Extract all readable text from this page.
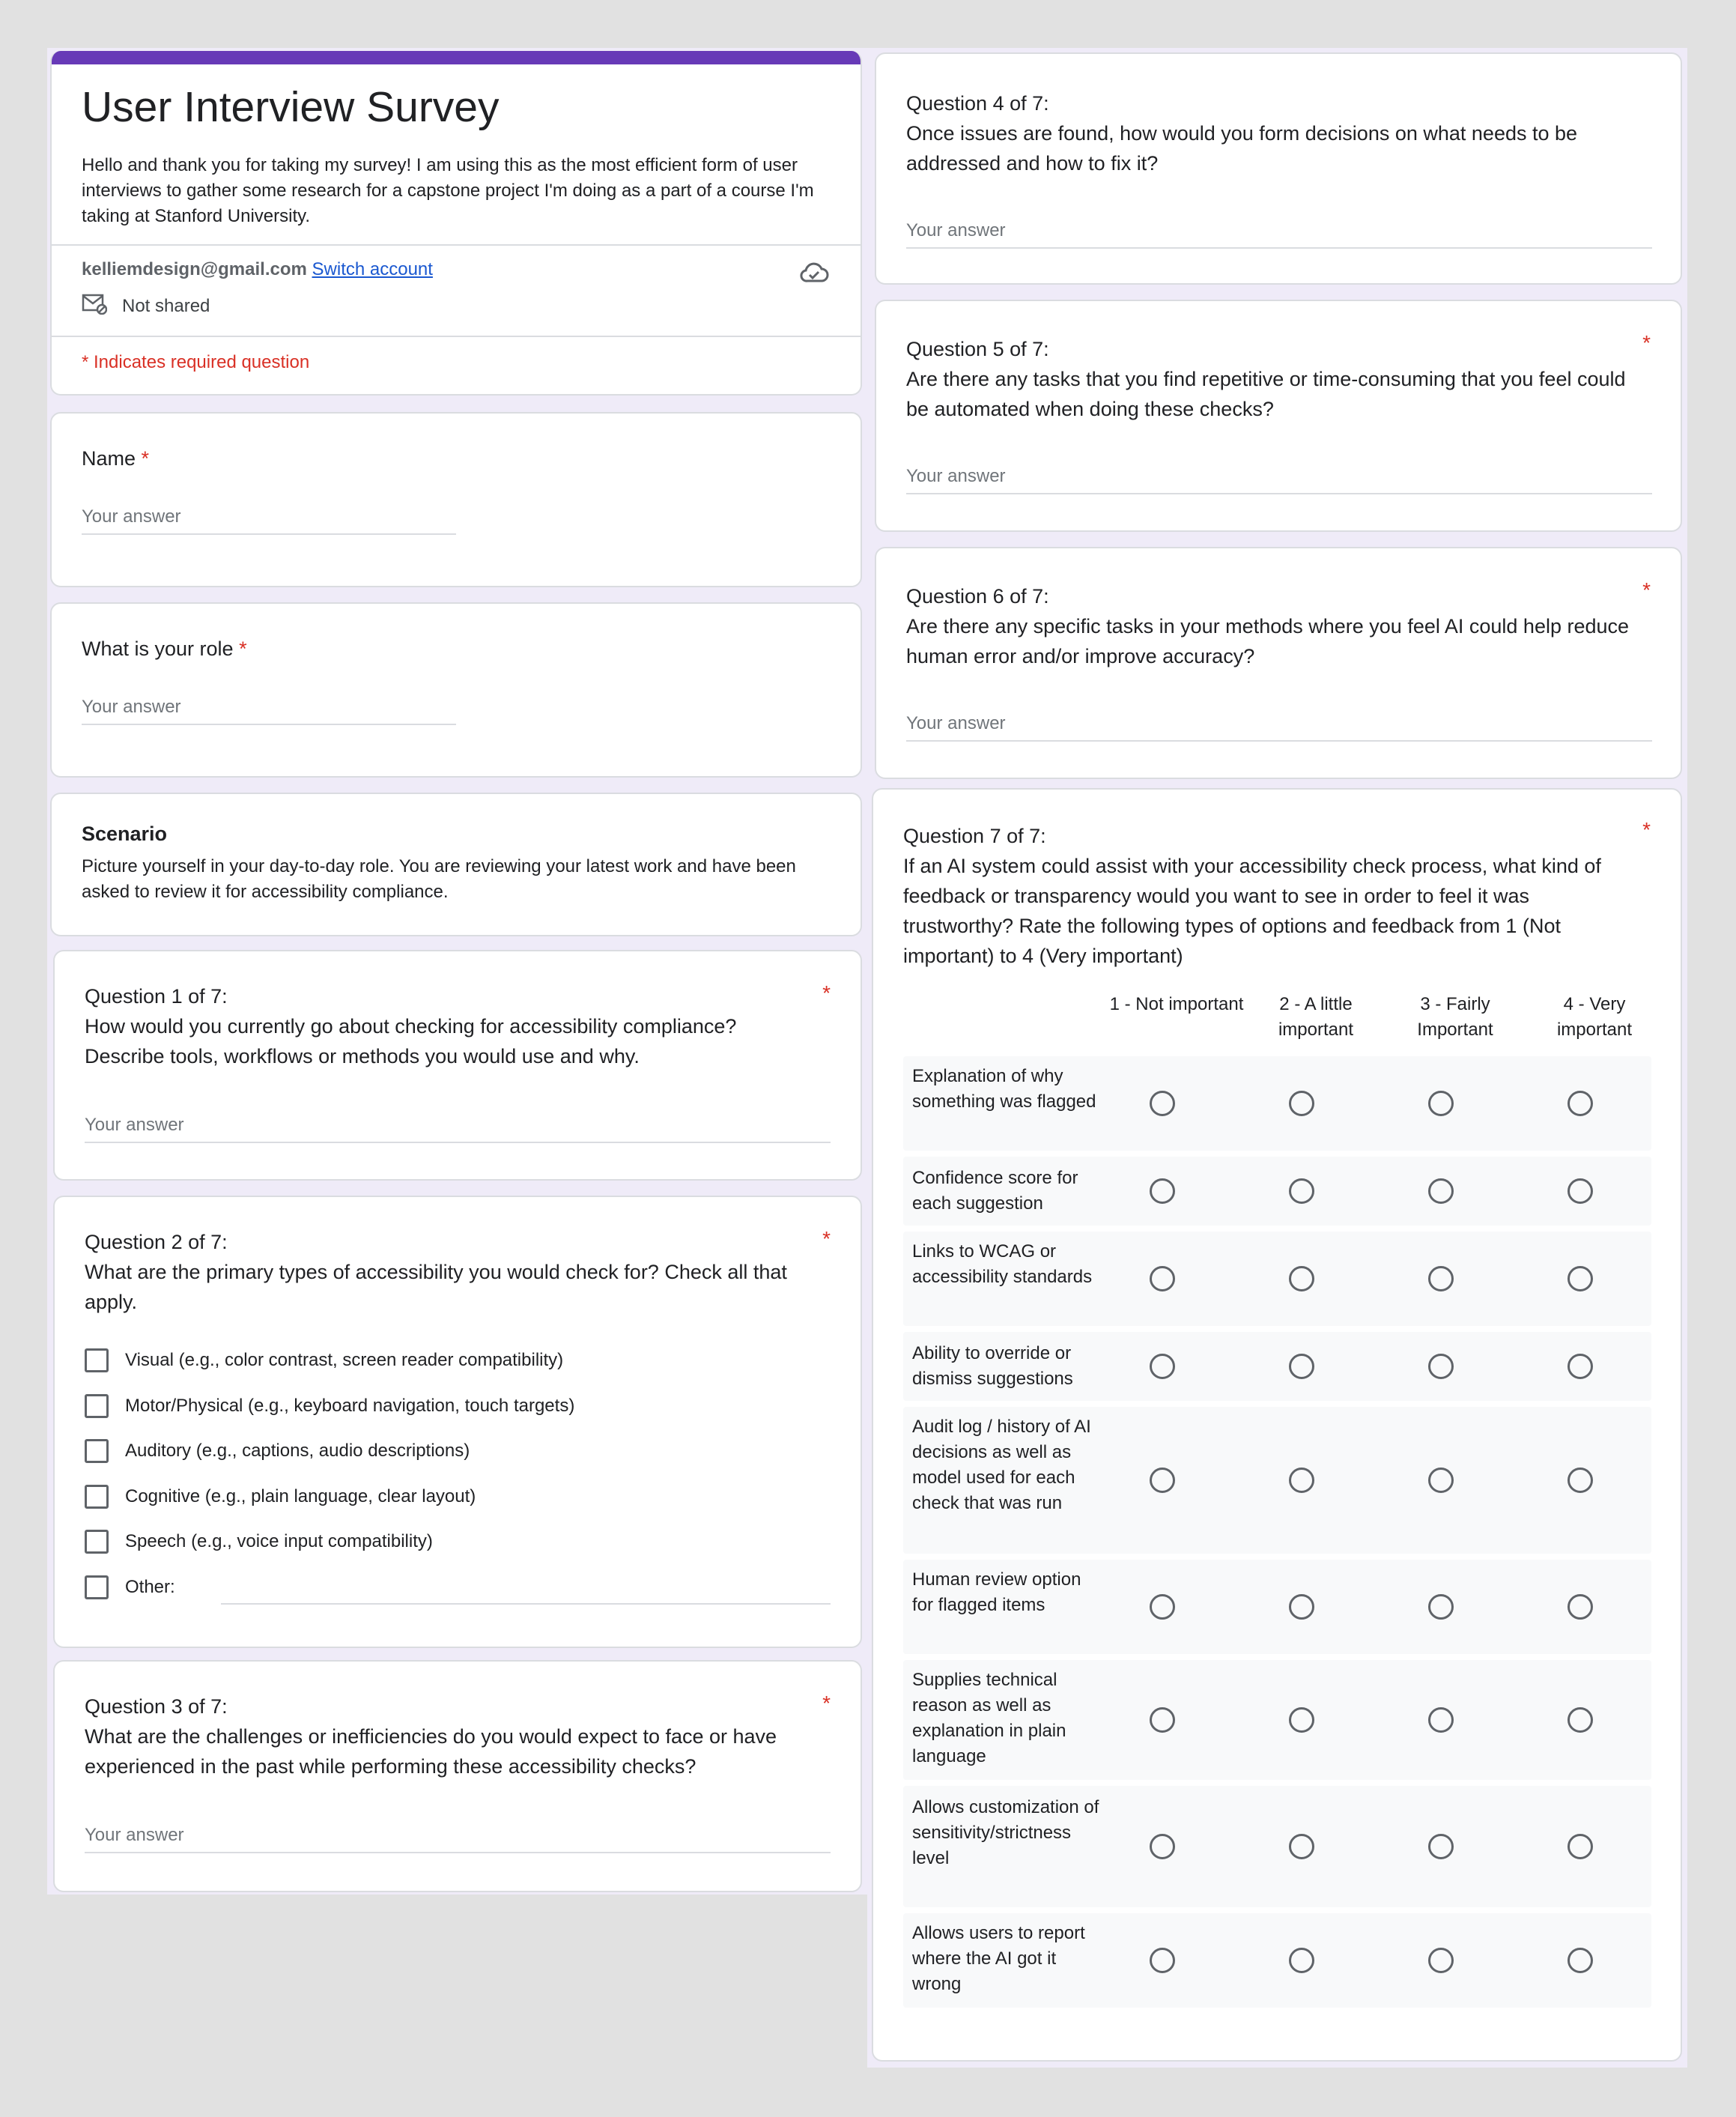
User Interview Survey
Hello and thank you for taking my survey! I am using this as the most efficient form of user interviews to gather some research for a capstone project I'm doing as a part of a course I'm taking at Stanford University.
kelliemdesign@gmail.com Switch account
Not shared
* Indicates required question
Name *
Your answer
What is your role *
Your answer
Scenario
Picture yourself in your day-to-day role. You are reviewing your latest work and have been asked to review it for accessibility compliance.
*
Question 1 of 7:
How would you currently go about checking for accessibility compliance? Describe tools, workflows or methods you would use and why.
Your answer
*
Question 2 of 7:
What are the primary types of accessibility you would check for? Check all that apply.
Visual (e.g., color contrast, screen reader compatibility)
Motor/Physical (e.g., keyboard navigation, touch targets)
Auditory (e.g., captions, audio descriptions)
Cognitive (e.g., plain language, clear layout)
Speech (e.g., voice input compatibility)
Other:
*
Question 3 of 7:
What are the challenges or inefficiencies do you would expect to face or have experienced in the past while performing these accessibility checks?
Your answer
Question 4 of 7:
Once issues are found, how would you form decisions on what needs to be addressed and how to fix it?
Your answer
*
Question 5 of 7:
Are there any tasks that you find repetitive or time-consuming that you feel could be automated when doing these checks?
Your answer
*
Question 6 of 7:
Are there any specific tasks in your methods where you feel AI could help reduce human error and/or improve accuracy?
Your answer
*
Question 7 of 7:
If an AI system could assist with your accessibility check process, what kind of feedback or transparency would you want to see in order to feel it was trustworthy? Rate the following types of options and feedback from 1 (Not important) to 4 (Very important)
1 - Not important	2 - A little important
3 - Fairly Important
4 - Very important
Explanation of why something was flagged
Confidence score for each suggestion
Links to WCAG or accessibility standards
Ability to override or dismiss suggestions
Audit log / history of AI decisions as well as model used for each check that was run
Human review option for flagged items
Supplies technical reason as well as explanation in plain language
Allows customization of sensitivity/strictness level
Allows users to report where the AI got it wrong
